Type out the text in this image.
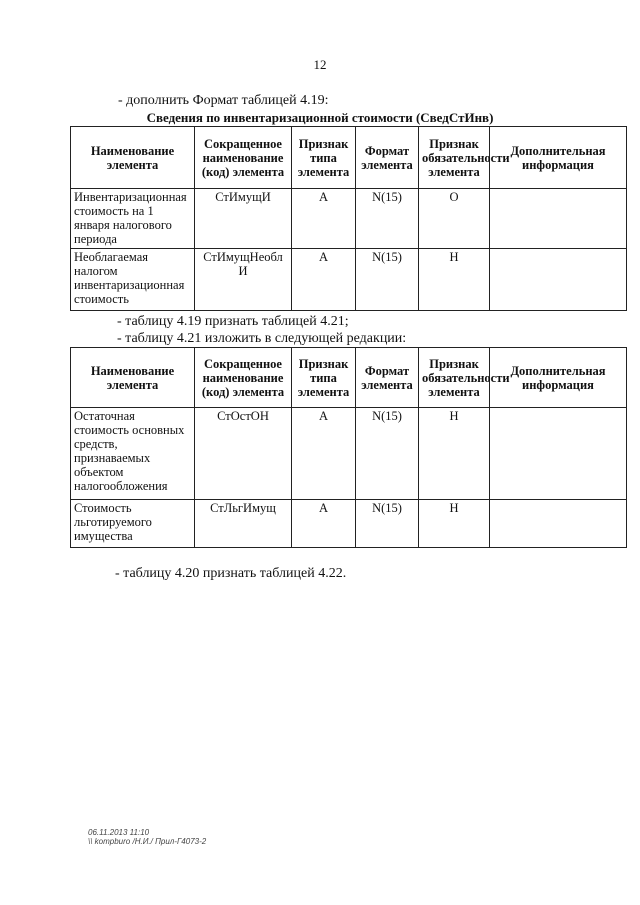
12
- дополнить Формат таблицей 4.19:
Сведения по инвентаризационной стоимости (СведСтИнв)
Наименование элемента	Сокращенное наименование (код) элемента	Признак типа элемента	Формат элемента	Признак обязательности элемента	Дополнительная информация
Инвентаризационная стоимость на 1 января налогового периода	СтИмущИ	А	N(15)	О	
Необлагаемая налогом инвентаризационная стоимость	СтИмущНеобл И	А	N(15)	Н	
- таблицу 4.19 признать таблицей 4.21;
- таблицу 4.21 изложить в следующей редакции:
Наименование элемента	Сокращенное наименование (код) элемента	Признак типа элемента	Формат элемента	Признак обязательности элемента	Дополнительная информация
Остаточная стоимость основных средств, признаваемых объектом налогообложения	СтОстОН	А	N(15)	Н	
Стоимость льготируемого имущества	СтЛьгИмущ	А	N(15)	Н	
- таблицу 4.20 признать таблицей 4.22.
06.11.2013 11:10
\\ kompburo /Н.И./ Прил-Г4073-2
